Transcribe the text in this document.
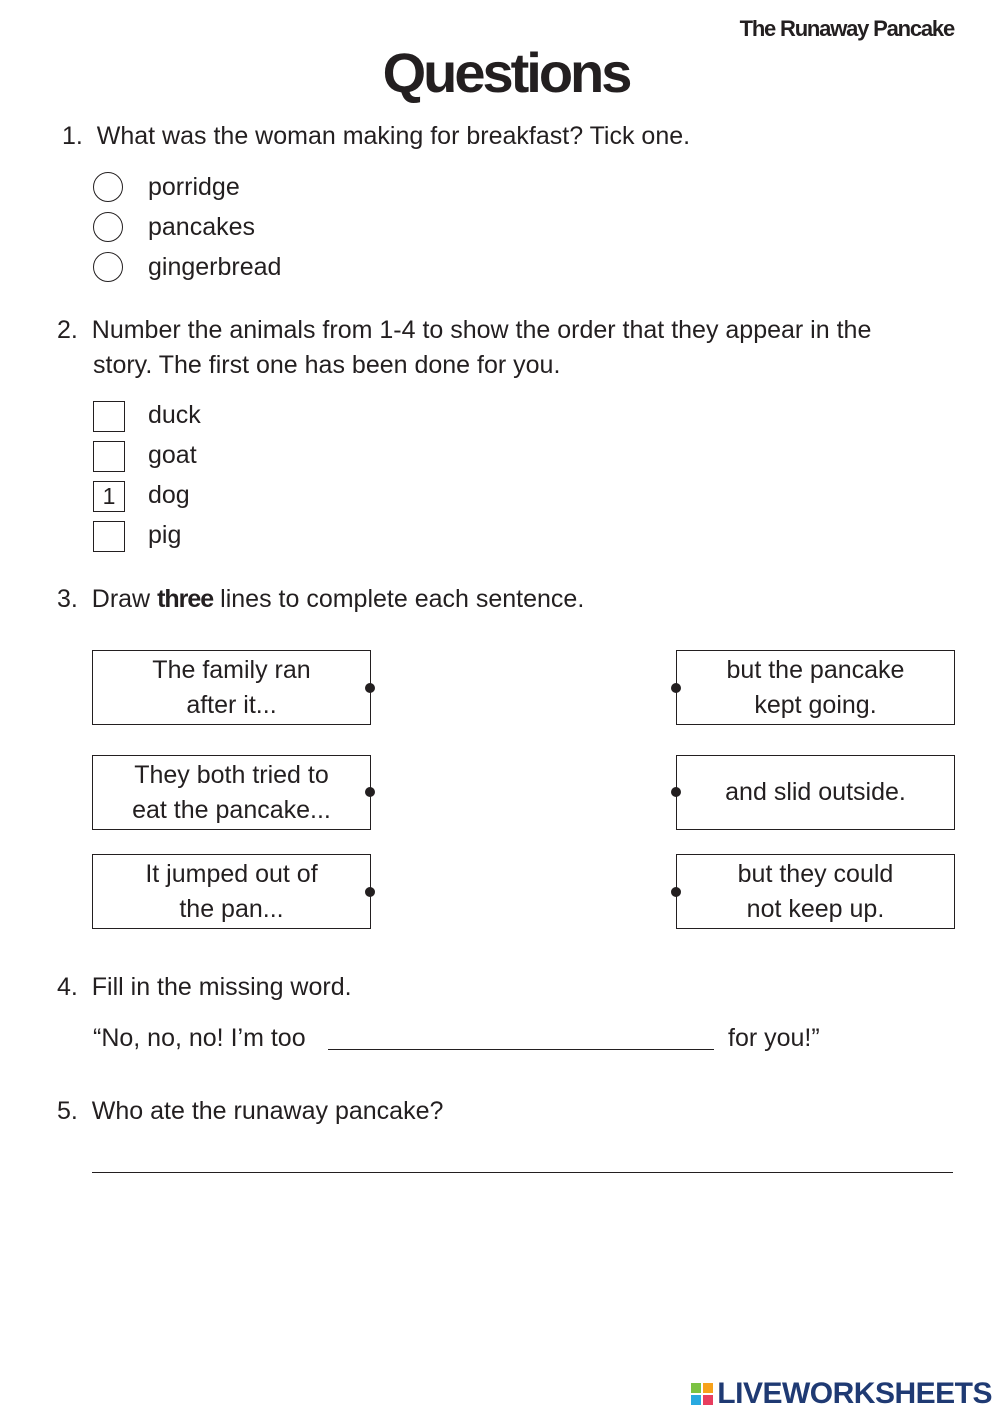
The Runaway Pancake
Questions
1. What was the woman making for breakfast? Tick one.
porridge
pancakes
gingerbread
2. Number the animals from 1-4 to show the order that they appear in the
story. The first one has been done for you.
duck
goat
1	dog
pig
3. Draw three lines to complete each sentence.
The family ran
after it...
They both tried to
eat the pancake...
It jumped out of
the pan...
but the pancake
kept going.
and slid outside.
but they could
not keep up.
4. Fill in the missing word.
“No, no, no! I’m too	for you!”
5. Who ate the runaway pancake?
LIVEWORKSHEETS
